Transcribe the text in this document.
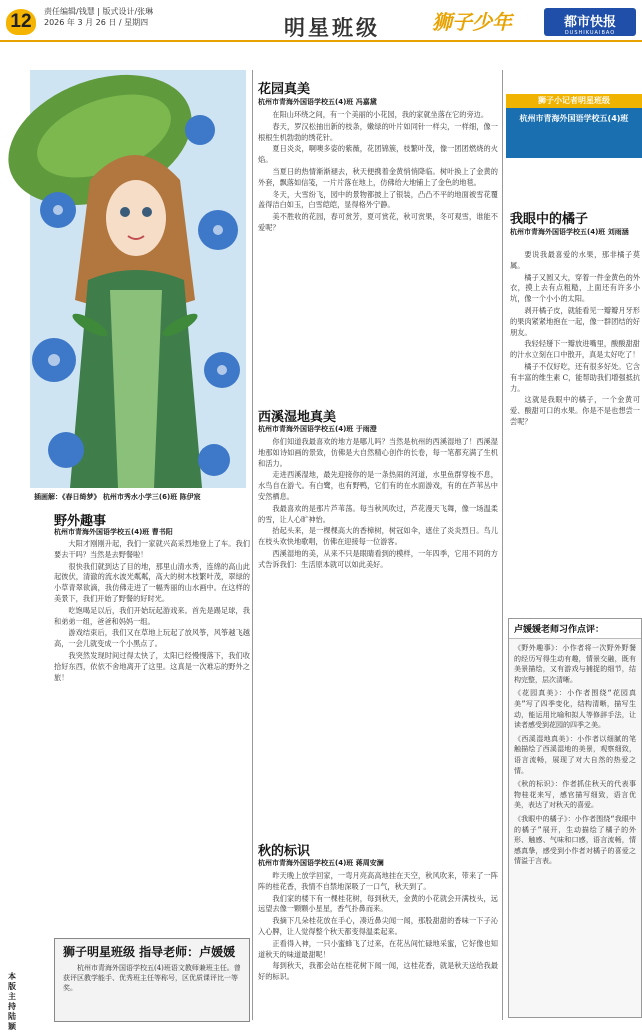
12	责任编辑/钱慧 | 版式设计/张琳
2026 年 3 月 26 日 / 星期四	明星班级	狮子少年	都市快报
DUSHIKUAIBAO
本版主持 陆颖
插画解：《春日绮梦》 杭州市秀水小学三(6)班 陈伊宸
野外趣事
杭州市青海外国语学校五(4)班 曹书阳

大阳才刚刚升起，我们一家就兴高采烈地登上了车。我们要去干吗？当然是去野餐啦！

很快我们就到达了目的地，那里山清水秀，连绵的高山此起彼伏，清澈的流水波光粼粼，高大的树木枝繁叶茂，翠绿的小草青翠欲滴，我仿佛走进了一幅秀丽的山水画中。在这样的美景下，我们开始了野餐的好时光。

吃饱喝足以后，我们开始玩起游戏来。首先是踢足球，我和弟弟一组，爸爸和妈妈一组。

游戏结束后，我们又在草地上玩起了放风筝，风筝越飞越高，一会儿就变成一个小黑点了。

我突然发现时间过得太快了，太阳已经慢慢落下，我们收拾好东西，依依不舍地离开了这里。这真是一次难忘的野外之旅！

狮子明星班级 指导老师：卢媛媛
杭州市青海外国语学校五(4)班语文教师兼班主任。曾获评区教学能手、优秀班主任等称号，区优质课评比一等奖。
花园真美
杭州市青海外国语学校五(4)班 冯嘉黛

在阳山环绕之间，有一个美丽的小花园，我的家就坐落在它的旁边。

春天，罗汉松抽出新的枝条，嫩绿的叶片如同针一样尖，一样细，像一根根生机勃勃的绣花针。

夏日炎炎，啊噢多姿的紫薇，花团锦簇，枝繁叶茂，像一团团燃烧的火焰。

当夏日的热情渐渐褪去，秋天便携着金黄悄悄降临。树叶换上了金黄的外套，飘落如信笺，一片片落在地上，仿佛给大地铺上了金色的地毯。

冬天，大雪纷飞，园中的景物都披上了银装，凸凸不平的地面被雪花覆盖得洁白如玉，白雪皑皑，显得格外宁静。

美不胜收的花园，春可赏芳，夏可赏花，秋可赏果，冬可观雪，谁能不爱呢？

西溪湿地真美
杭州市青海外国语学校五(4)班 于雨澄

你们知道我最喜欢的地方是哪儿吗？当然是杭州的西溪湿地了！西溪湿地那如诗如画的景致，仿佛是大自然精心创作的长卷，每一笔都充满了生机和活力。

走进西溪湿地，最先迎接你的是一条热闹的河道，水里鱼群穿梭不息，水鸟自在游弋。有白鹭，也有野鸭，它们有的在水面游戏，有的在芦苇丛中安然栖息。

我最喜欢的是那片芦苇荡。每当秋风吹过，芦花漫天飞舞，像一场温柔的雪，让人心旷神怡。

抬起头来，是一棵棵高大的香樟树，树冠如伞，遮住了炎炎烈日。鸟儿在枝头欢快地歌唱，仿佛在迎接每一位游客。

西溪湿地的美，从来不只是眼睛看到的模样，一年四季，它用不同的方式告诉我们：生活原本就可以如此美好。

秋的标识
杭州市青海外国语学校五(4)班 蒋周安澜

昨天晚上放学回家，一弯月亮高高地挂在天空，秋风吹来，带来了一阵阵的桂花香，我情不自禁地深吸了一口气，秋天到了。

我们家的楼下有一棵桂花树，每到秋天，金黄的小花就会开满枝头，远远望去像一颗颗小星星，香气扑鼻而来。

我摘下几朵桂花放在手心，凑近鼻尖闻一闻，那股甜甜的香味一下子沁入心脾，让人觉得整个秋天都变得温柔起来。

正看得入神，一只小蜜蜂飞了过来，在花丛间忙碌地采蜜，它好像也知道秋天的味道最甜呢！

每到秋天，我都会站在桂花树下闻一闻，这桂花香，就是秋天送给我最好的标识。

狮子小记者明星班级
杭州市青海外国语学校五(4)班
我眼中的橘子
杭州市青海外国语学校五(4)班 刘雨涵

要说我最喜爱的水果，那非橘子莫属。

橘子又圆又大，穿着一件金黄色的外衣，摸上去有点粗糙，上面还有许多小坑，像一个小小的太阳。

剥开橘子皮，就能看见一瓣瓣月牙形的果肉紧紧地抱在一起，像一群团结的好朋友。

我轻轻掰下一瓣放进嘴里，酸酸甜甜的汁水立刻在口中散开，真是太好吃了！

橘子不仅好吃，还有很多好处。它含有丰富的维生素 C，能帮助我们增强抵抗力。

这就是我眼中的橘子，一个金黄可爱、酸甜可口的水果。你是不是也想尝一尝呢？

卢媛媛老师习作点评：

《野外趣事》：小作者将一次野外野餐的经历写得生动有趣，情景交融，既有美景描绘，又有游戏与捕捉的细节，结构完整，层次清晰。

《花园真美》：小作者围绕“花园真美”写了四季变化，结构清晰，描写生动，能运用比喻和拟人等修辞手法，让读者感受到花园的四季之美。

《西溪湿地真美》：小作者以细腻的笔触描绘了西溪湿地的美景，观察细致，语言流畅，展现了对大自然的热爱之情。

《秋的标识》：作者抓住秋天的代表事物桂花来写，感官描写细致，语言优美，表达了对秋天的喜爱。

《我眼中的橘子》：小作者围绕“我眼中的橘子”展开，生动描绘了橘子的外形、触感、气味和口感，语言流畅，情感真挚，感受到小作者对橘子的喜爱之情溢于言表。
